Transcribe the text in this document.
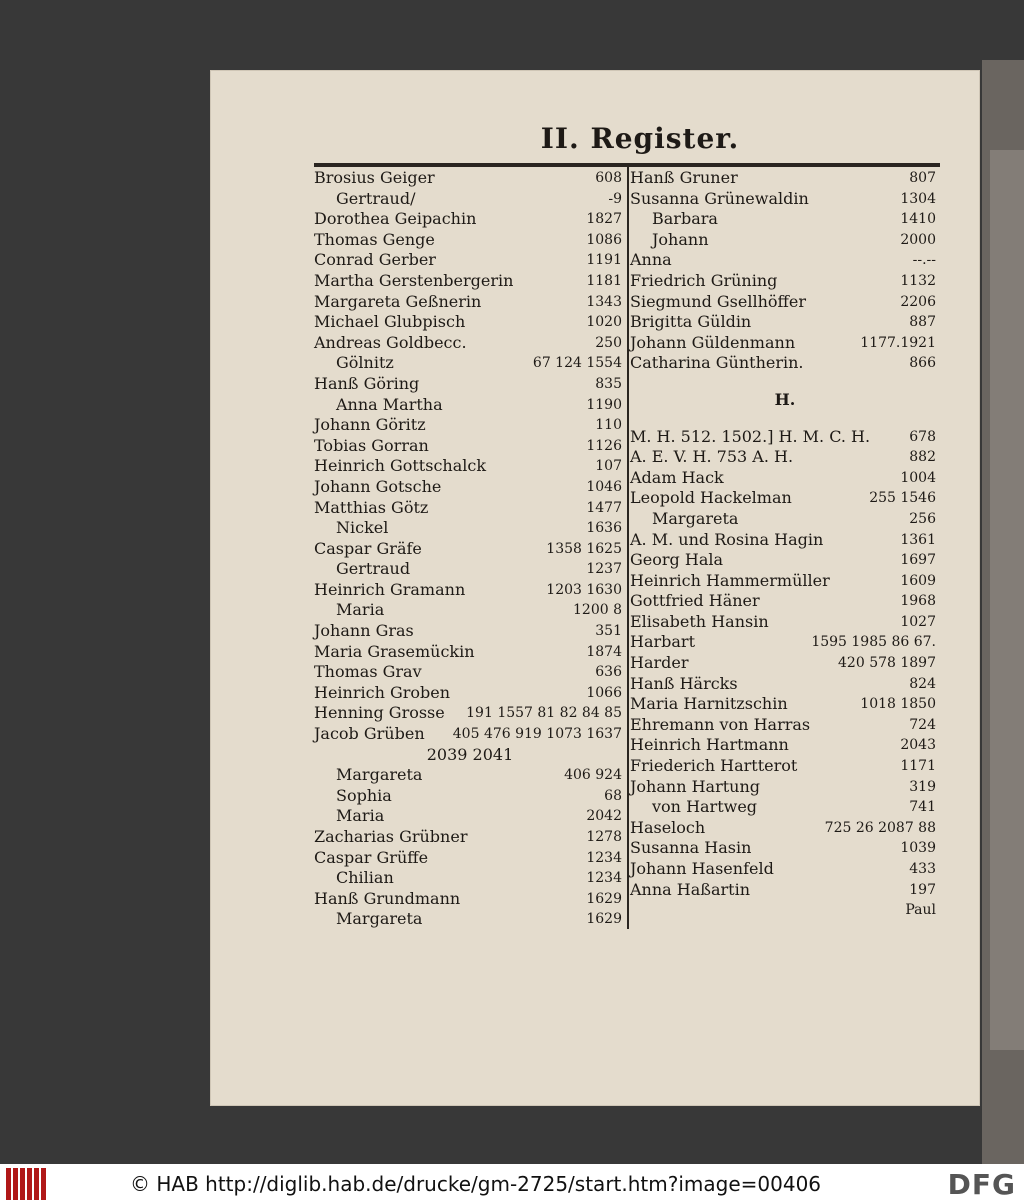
II. Register.
Brosius Geiger	608
Gertraud/	-9
Dorothea Geipachin	1827
Thomas Genge	1086
Conrad Gerber	1191
Martha Gerstenbergerin	1181
Margareta Geßnerin	1343
Michael Glubpisch	1020
Andreas Goldbecc.	250
Gölnitz	67 124 1554
Hanß Göring	835
Anna Martha	1190
Johann Göritz	110
Tobias Gorran	1126
Heinrich Gottschalck	107
Johann Gotsche	1046
Matthias Götz	1477
Nickel	1636
Caspar Gräfe	1358 1625
Gertraud	1237
Heinrich Gramann	1203 1630
Maria	1200 8
Johann Gras	351
Maria Grasemückin	1874
Thomas Grav	636
Heinrich Groben	1066
Henning Grosse 191 1557 81 82 84 85
Jacob Grüben 405 476 919 1073 1637
2039 2041
Margareta	406 924
Sophia	68
Maria	2042
Zacharias Grübner	1278
Caspar Grüffe	1234
Chilian	1234
Hanß Grundmann	1629
Margareta	1629
Hanß Gruner	807
Susanna Grünewaldin	1304
Barbara	1410
Johann	2000
Anna	--.--
Friedrich Grüning	1132
Siegmund Gsellhöffer	2206
Brigitta Güldin	887
Johann Güldenmann	1177.1921
Catharina Güntherin.	866
H.
M. H. 512. 1502.] H. M. C. H.	678
A. E. V. H. 753 A. H.	882
Adam Hack	1004
Leopold Hackelman	255 1546
Margareta	256
A. M. und Rosina Hagin	1361
Georg Hala	1697
Heinrich Hammermüller	1609
Gottfried Häner	1968
Elisabeth Hansin	1027
Harbart	1595 1985 86 67.
Harder	420 578 1897
Hanß Härcks	824
Maria Harnitzschin	1018 1850
Ehremann von Harras	724
Heinrich Hartmann	2043
Friederich Hartterot	1171
Johann Hartung	319
von Hartweg	741
Haseloch	725 26 2087 88
Susanna Hasin	1039
Johann Hasenfeld	433
Anna Haßartin	197
Paul
© HAB http://diglib.hab.de/drucke/gm-2725/start.htm?image=00406	DFG
